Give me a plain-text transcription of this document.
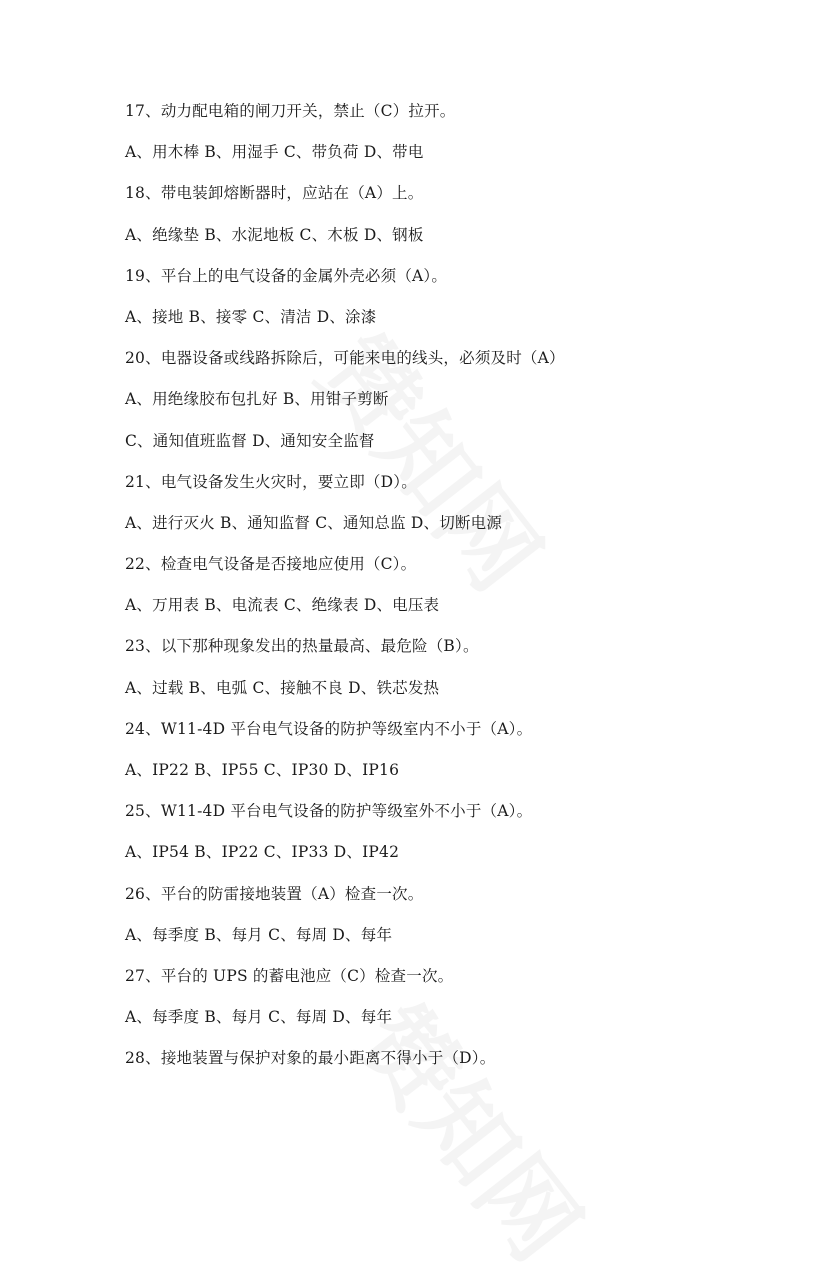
17、动力配电箱的闸刀开关，禁止（C）拉开。
A、用木棒 B、用湿手 C、带负荷 D、带电
18、带电装卸熔断器时，应站在（A）上。
A、绝缘垫 B、水泥地板 C、木板 D、钢板
19、平台上的电气设备的金属外壳必须（A）。
A、接地 B、接零 C、清洁 D、涂漆
20、电器设备或线路拆除后，可能来电的线头，必须及时（A）
A、用绝缘胶布包扎好 B、用钳子剪断
C、通知值班监督 D、通知安全监督
21、电气设备发生火灾时，要立即（D）。
A、进行灭火 B、通知监督 C、通知总监 D、切断电源
22、检查电气设备是否接地应使用（C）。
A、万用表 B、电流表 C、绝缘表 D、电压表
23、以下那种现象发出的热量最高、最危险（B）。
A、过载 B、电弧 C、接触不良 D、铁芯发热
24、W11-4D 平台电气设备的防护等级室内不小于（A）。
A、IP22 B、IP55 C、IP30 D、IP16
25、W11-4D 平台电气设备的防护等级室外不小于（A）。
A、IP54 B、IP22 C、IP33 D、IP42
26、平台的防雷接地装置（A）检查一次。
A、每季度 B、每月 C、每周 D、每年
27、平台的 UPS 的蓄电池应（C）检查一次。
A、每季度 B、每月 C、每周 D、每年
28、接地装置与保护对象的最小距离不得小于（D）。
